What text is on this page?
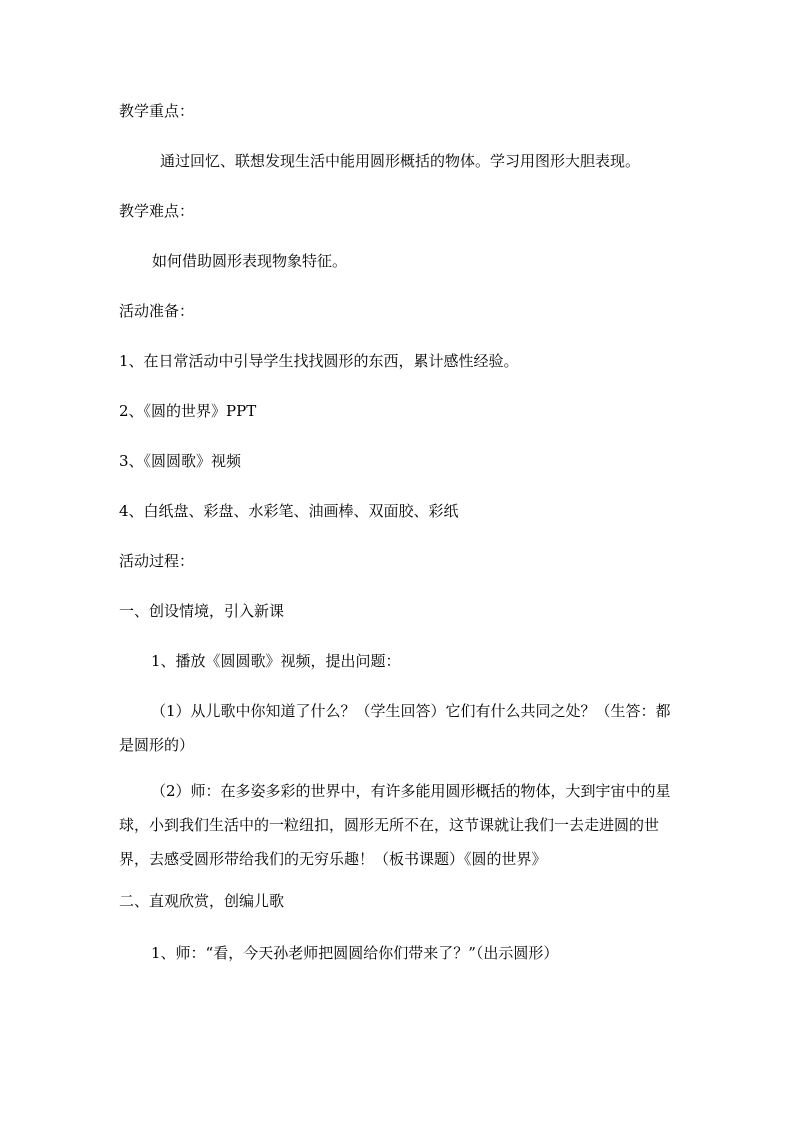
教学重点：
通过回忆、联想发现生活中能用圆形概括的物体。学习用图形大胆表现。
教学难点：
如何借助圆形表现物象特征。
活动准备：
1、在日常活动中引导学生找找圆形的东西，累计感性经验。
2、《圆的世界》PPT
3、《圆圆歌》视频
4、白纸盘、彩盘、水彩笔、油画棒、双面胶、彩纸
活动过程：
一、创设情境，引入新课
1、播放《圆圆歌》视频，提出问题：
（1）从儿歌中你知道了什么？（学生回答）它们有什么共同之处？（生答：都是圆形的）
（2）师：在多姿多彩的世界中，有许多能用圆形概括的物体，大到宇宙中的星球，小到我们生活中的一粒纽扣，圆形无所不在，这节课就让我们一去走进圆的世界，去感受圆形带给我们的无穷乐趣！（板书课题）《圆的世界》
二、直观欣赏，创编儿歌
1、师：“看，今天孙老师把圆圆给你们带来了？”（出示圆形）
